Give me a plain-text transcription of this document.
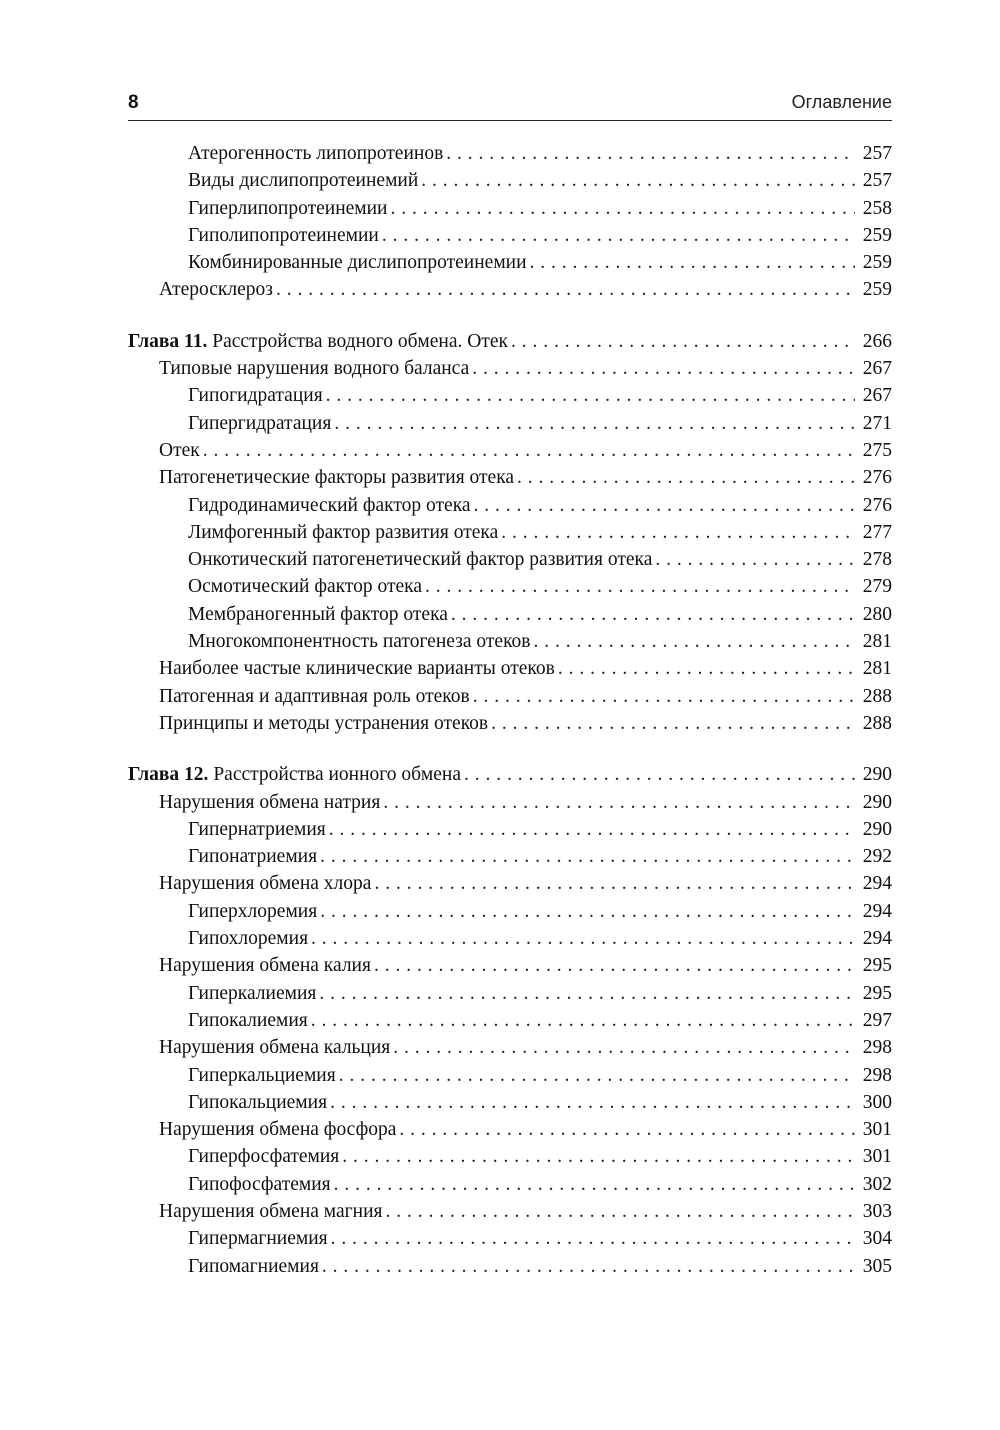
8	Оглавление
Атерогенность липопротеинов . . .	257
Виды дислипопротеинемий . . .	257
Гиперлипопротеинемии . . .	258
Гиполипопротеинемии . . .	259
Комбинированные дислипопротеинемии . . .	259
Атеросклероз . . .	259
Глава 11. Расстройства водного обмена. Отек . . .	266
Типовые нарушения водного баланса . . .	267
Гипогидратация . . .	267
Гипергидратация . . .	271
Отек . . .	275
Патогенетические факторы развития отека . . .	276
Гидродинамический фактор отека . . .	276
Лимфогенный фактор развития отека . . .	277
Онкотический патогенетический фактор развития отека . . .	278
Осмотический фактор отека . . .	279
Мембраногенный фактор отека . . .	280
Многокомпонентность патогенеза отеков . . .	281
Наиболее частые клинические варианты отеков . . .	281
Патогенная и адаптивная роль отеков . . .	288
Принципы и методы устранения отеков . . .	288
Глава 12. Расстройства ионного обмена . . .	290
Нарушения обмена натрия . . .	290
Гипернатриемия . . .	290
Гипонатриемия . . .	292
Нарушения обмена хлора . . .	294
Гиперхлоремия . . .	294
Гипохлоремия . . .	294
Нарушения обмена калия . . .	295
Гиперкалиемия . . .	295
Гипокалиемия . . .	297
Нарушения обмена кальция . . .	298
Гиперкальциемия . . .	298
Гипокальциемия . . .	300
Нарушения обмена фосфора . . .	301
Гиперфосфатемия . . .	301
Гипофосфатемия . . .	302
Нарушения обмена магния . . .	303
Гипермагниемия . . .	304
Гипомагниемия . . .	305
